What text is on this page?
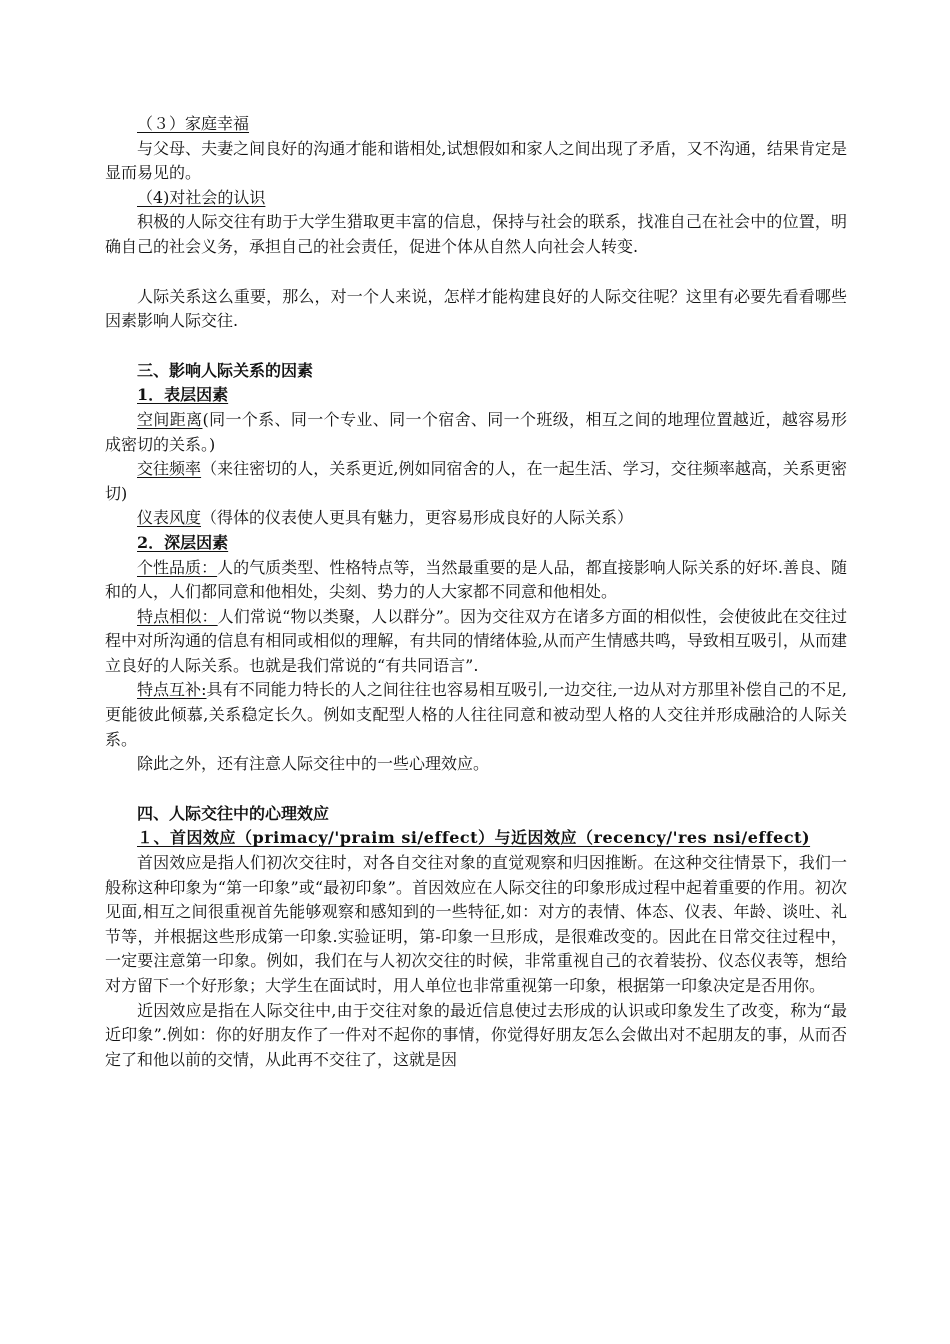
（３）家庭幸福

与父母、夫妻之间良好的沟通才能和谐相处,试想假如和家人之间出现了矛盾，又不沟通，结果肯定是显而易见的。

（4)对社会的认识

积极的人际交往有助于大学生猎取更丰富的信息，保持与社会的联系，找准自己在社会中的位置，明确自己的社会义务，承担自己的社会责任，促进个体从自然人向社会人转变.

人际关系这么重要，那么，对一个人来说，怎样才能构建良好的人际交往呢？这里有必要先看看哪些因素影响人际交往.

三、影响人际关系的因素

1．表层因素

空间距离(同一个系、同一个专业、同一个宿舍、同一个班级，相互之间的地理位置越近，越容易形成密切的关系。)

交往频率（来往密切的人，关系更近,例如同宿舍的人，在一起生活、学习，交往频率越高，关系更密切)

仪表风度（得体的仪表使人更具有魅力，更容易形成良好的人际关系）

2．深层因素

个性品质：人的气质类型、性格特点等，当然最重要的是人品，都直接影响人际关系的好坏.善良、随和的人，人们都同意和他相处，尖刻、势力的人大家都不同意和他相处。

特点相似：人们常说“物以类聚，人以群分”。因为交往双方在诸多方面的相似性，会使彼此在交往过程中对所沟通的信息有相同或相似的理解，有共同的情绪体验,从而产生情感共鸣，导致相互吸引，从而建立良好的人际关系。也就是我们常说的“有共同语言”.

特点互补:具有不同能力特长的人之间往往也容易相互吸引,一边交往,一边从对方那里补偿自己的不足,更能彼此倾慕,关系稳定长久。例如支配型人格的人往往同意和被动型人格的人交往并形成融洽的人际关系。

除此之外，还有注意人际交往中的一些心理效应。

四、人际交往中的心理效应

１、首因效应（primacy/'praim si/effect）与近因效应（recency/'res nsi/effect)

首因效应是指人们初次交往时，对各自交往对象的直觉观察和归因推断。在这种交往情景下，我们一般称这种印象为“第一印象”或“最初印象”。首因效应在人际交往的印象形成过程中起着重要的作用。初次见面,相互之间很重视首先能够观察和感知到的一些特征,如：对方的表情、体态、仪表、年龄、谈吐、礼节等，并根据这些形成第一印象.实验证明，第-印象一旦形成，是很难改变的。因此在日常交往过程中，一定要注意第一印象。例如，我们在与人初次交往的时候，非常重视自己的衣着装扮、仪态仪表等，想给对方留下一个好形象；大学生在面试时，用人单位也非常重视第一印象，根据第一印象决定是否用你。

近因效应是指在人际交往中,由于交往对象的最近信息使过去形成的认识或印象发生了改变，称为“最近印象”.例如：你的好朋友作了一件对不起你的事情，你觉得好朋友怎么会做出对不起朋友的事，从而否定了和他以前的交情，从此再不交往了，这就是因
